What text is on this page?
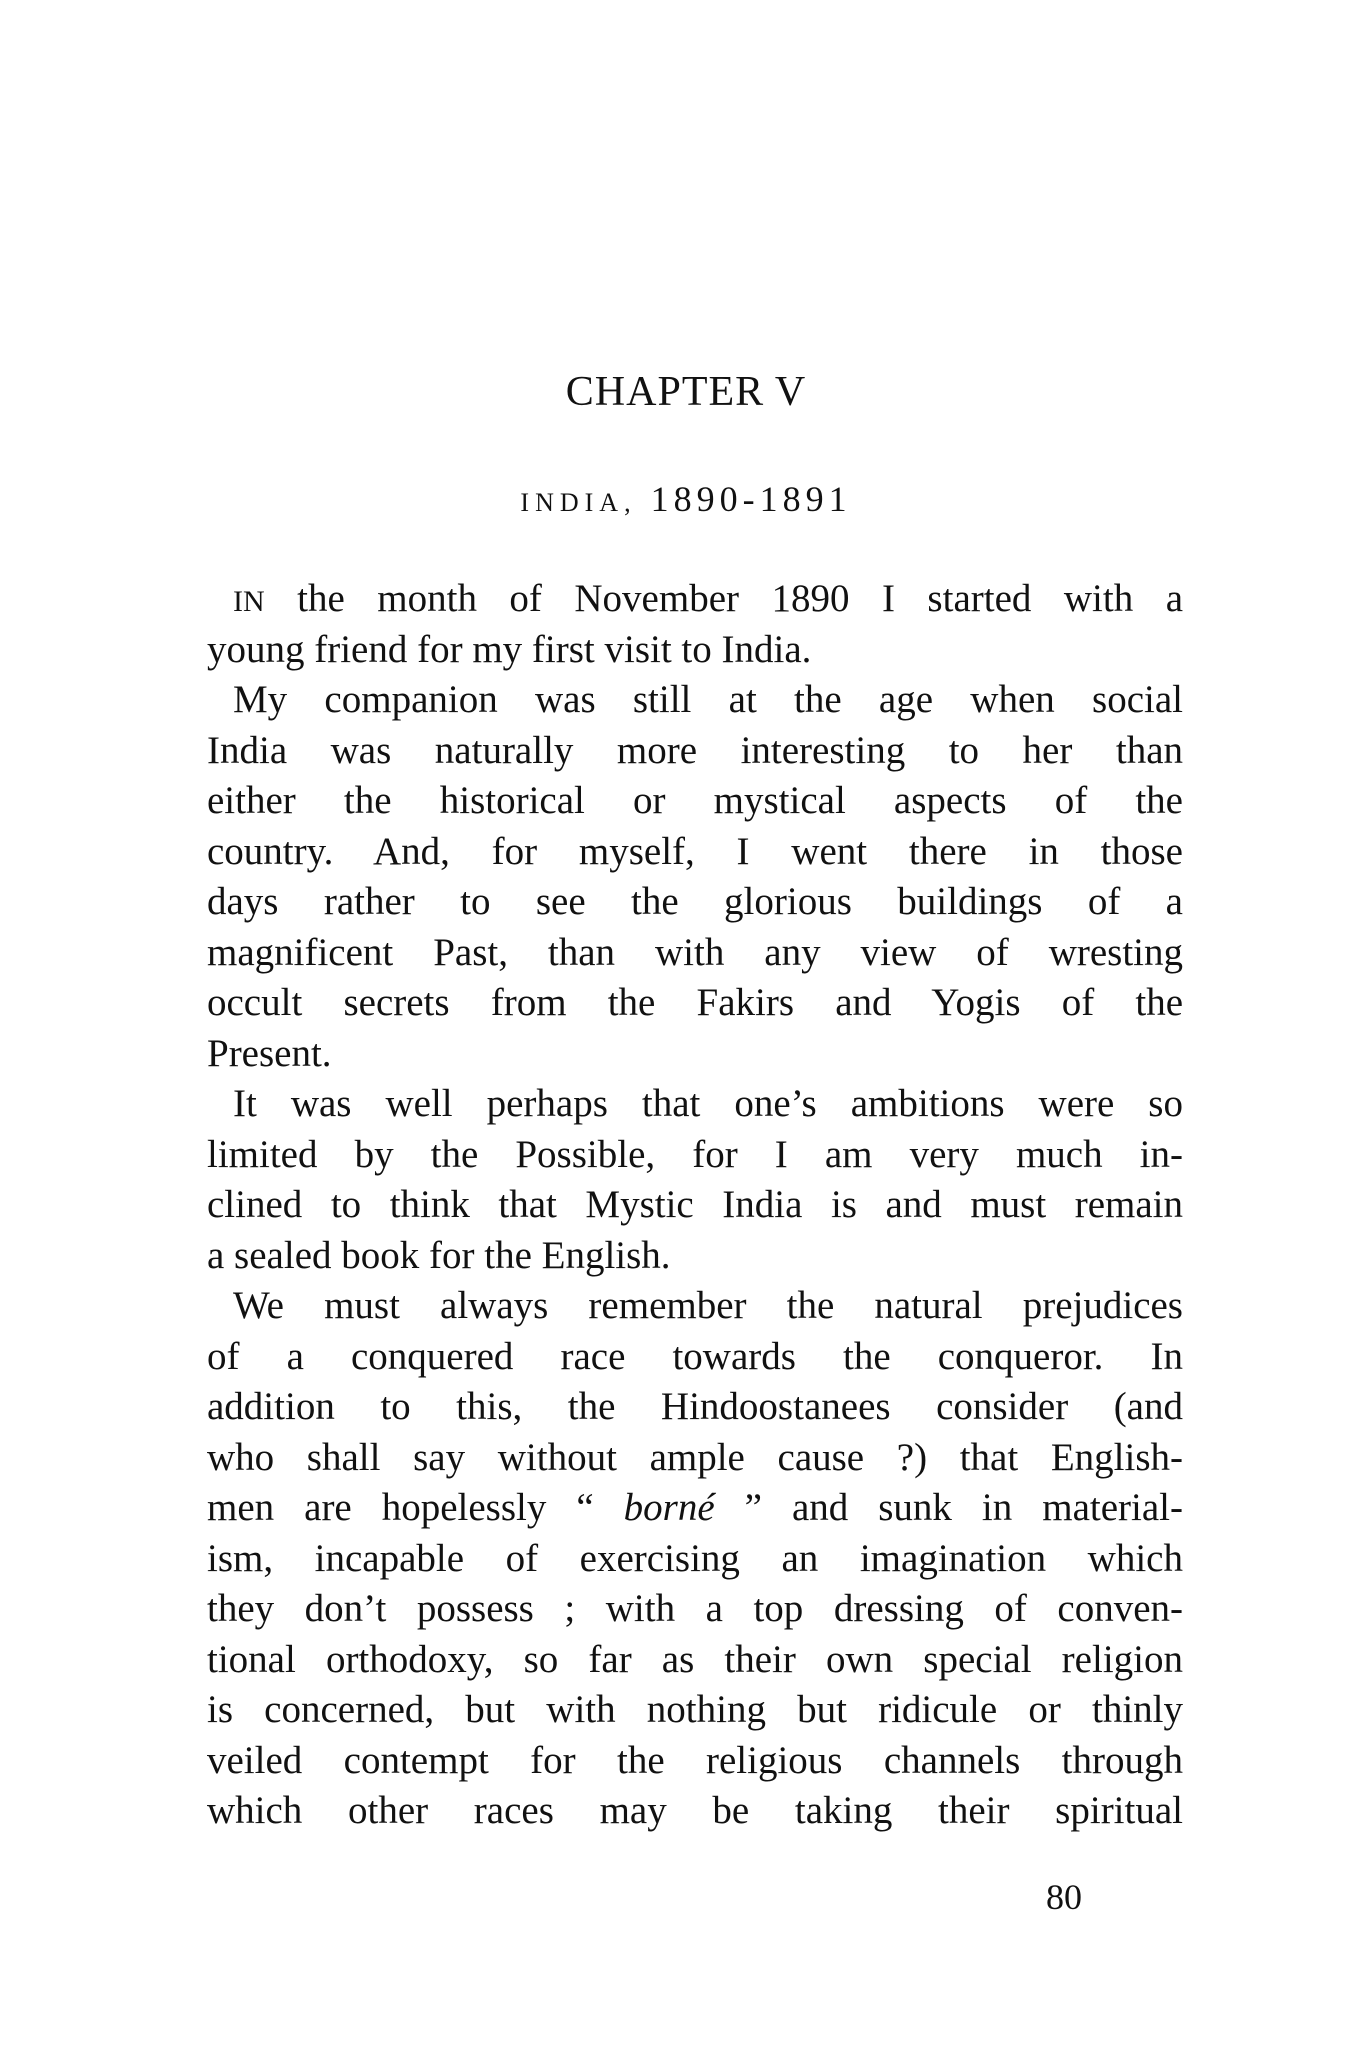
CHAPTER V
INDIA, 1890-1891
IN the month of November 1890 I started with a
young friend for my first visit to India.
My companion was still at the age when social
India was naturally more interesting to her than
either the historical or mystical aspects of the
country. And, for myself, I went there in those
days rather to see the glorious buildings of a
magnificent Past, than with any view of wresting
occult secrets from the Fakirs and Yogis of the
Present.
It was well perhaps that one’s ambitions were so
limited by the Possible, for I am very much in-
clined to think that Mystic India is and must remain
a sealed book for the English.
We must always remember the natural prejudices
of a conquered race towards the conqueror. In
addition to this, the Hindoostanees consider (and
who shall say without ample cause ?) that English-
men are hopelessly “ borné ” and sunk in material-
ism, incapable of exercising an imagination which
they don’t possess ; with a top dressing of conven-
tional orthodoxy, so far as their own special religion
is concerned, but with nothing but ridicule or thinly
veiled contempt for the religious channels through
which other races may be taking their spiritual
80
